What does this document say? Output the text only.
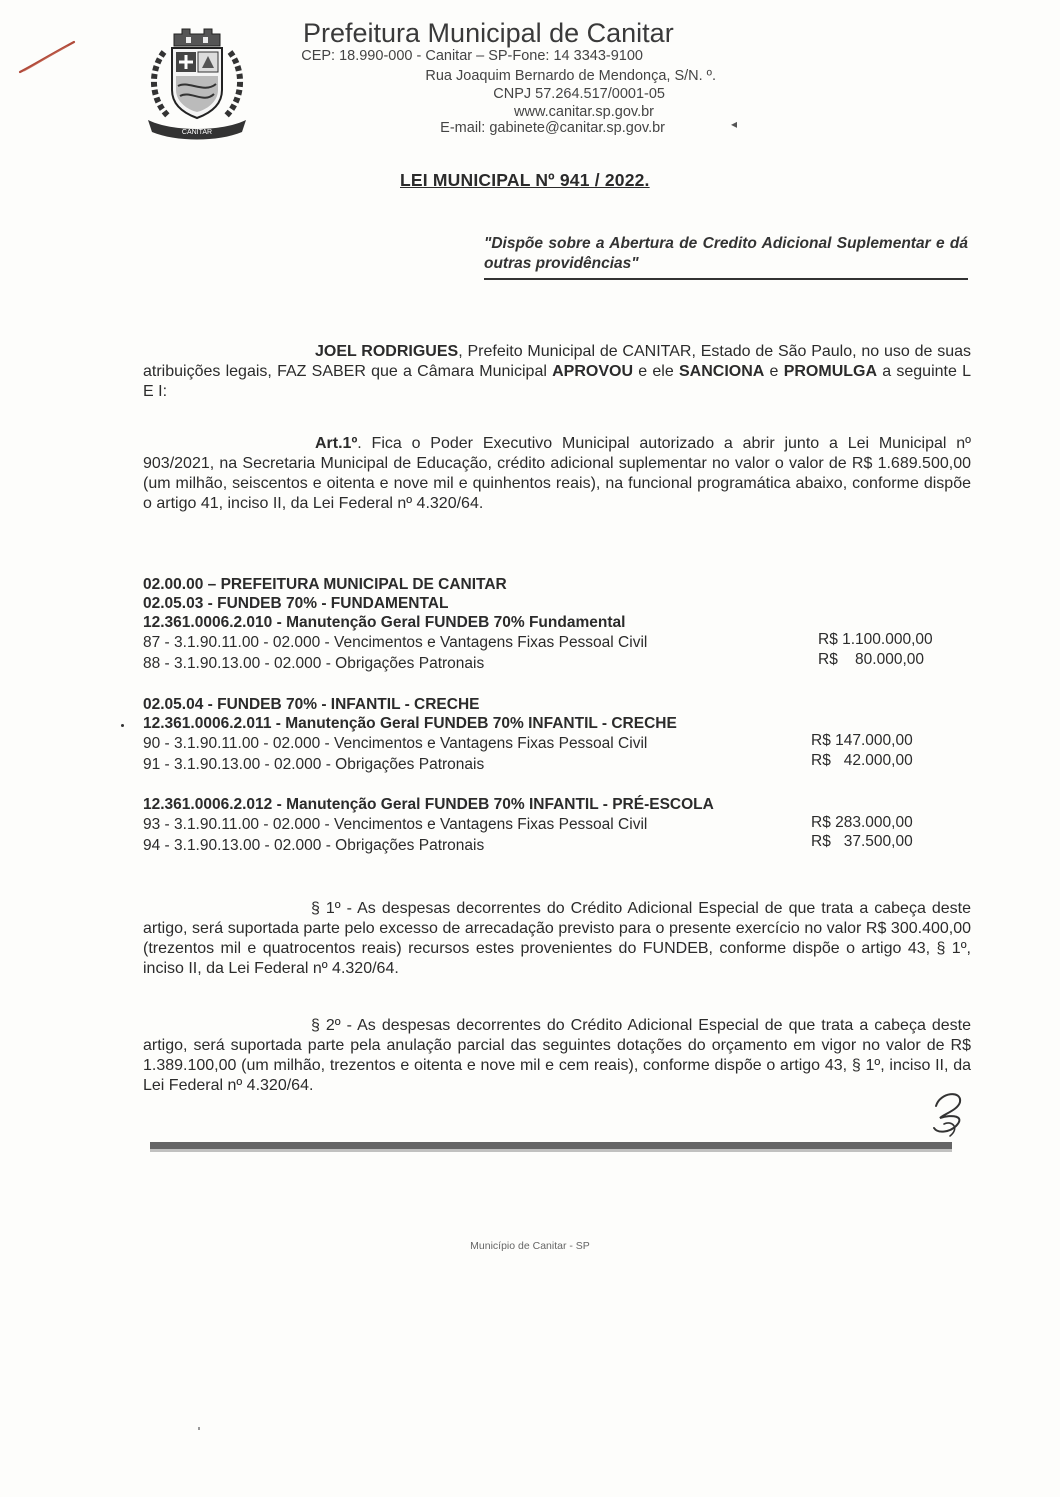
CANITAR
Prefeitura Municipal de Canitar
CEP: 18.990-000 - Canitar – SP-Fone: 14 3343-9100
Rua Joaquim Bernardo de Mendonça, S/N. º.
CNPJ 57.264.517/0001-05
www.canitar.sp.gov.br
E-mail: gabinete@canitar.sp.gov.br	◂
LEI MUNICIPAL Nº 941 / 2022.
"Dispõe sobre a Abertura de Credito Adicional Suplementar e dá outras providências"
JOEL RODRIGUES, Prefeito Municipal de CANITAR, Estado de São Paulo, no uso de suas atribuições legais, FAZ SABER que a Câmara Municipal APROVOU e ele SANCIONA e PROMULGA a seguinte L E I:
Art.1º. Fica o Poder Executivo Municipal autorizado a abrir junto a Lei Municipal nº 903/2021, na Secretaria Municipal de Educação, crédito adicional suplementar no valor o valor de R$ 1.689.500,00 (um milhão, seiscentos e oitenta e nove mil e quinhentos reais), na funcional programática abaixo, conforme dispõe o artigo 41, inciso II, da Lei Federal nº 4.320/64.
02.00.00 – PREFEITURA MUNICIPAL DE CANITAR
02.05.03 - FUNDEB 70% - FUNDAMENTAL
12.361.0006.2.010 - Manutenção Geral FUNDEB 70% Fundamental
87 - 3.1.90.11.00 - 02.000 - Vencimentos e Vantagens Fixas Pessoal Civil	R$ 1.100.000,00
88 - 3.1.90.13.00 - 02.000 - Obrigações Patronais	R$    80.000,00
02.05.04 - FUNDEB 70% - INFANTIL - CRECHE
12.361.0006.2.011 - Manutenção Geral FUNDEB 70% INFANTIL - CRECHE
90 - 3.1.90.11.00 - 02.000 - Vencimentos e Vantagens Fixas Pessoal Civil	R$ 147.000,00
91 - 3.1.90.13.00 - 02.000 - Obrigações Patronais	R$   42.000,00
12.361.0006.2.012 - Manutenção Geral FUNDEB 70% INFANTIL - PRÉ-ESCOLA
93 - 3.1.90.11.00 - 02.000 - Vencimentos e Vantagens Fixas Pessoal Civil	R$ 283.000,00
94 - 3.1.90.13.00 - 02.000 - Obrigações Patronais	R$   37.500,00
§ 1º - As despesas decorrentes do Crédito Adicional Especial de que trata a cabeça deste artigo, será suportada parte pelo excesso de arrecadação previsto para o presente exercício no valor R$ 300.400,00 (trezentos mil e quatrocentos reais) recursos estes provenientes do FUNDEB, conforme dispõe o artigo 43, § 1º, inciso II, da Lei Federal nº 4.320/64.
§ 2º - As despesas decorrentes do Crédito Adicional Especial de que trata a cabeça deste artigo, será suportada parte pela anulação parcial das seguintes dotações do orçamento em vigor no valor de R$ 1.389.100,00 (um milhão, trezentos e oitenta e nove mil e cem reais), conforme dispõe o artigo 43, § 1º, inciso II, da Lei Federal nº 4.320/64.
Município de Canitar - SP
